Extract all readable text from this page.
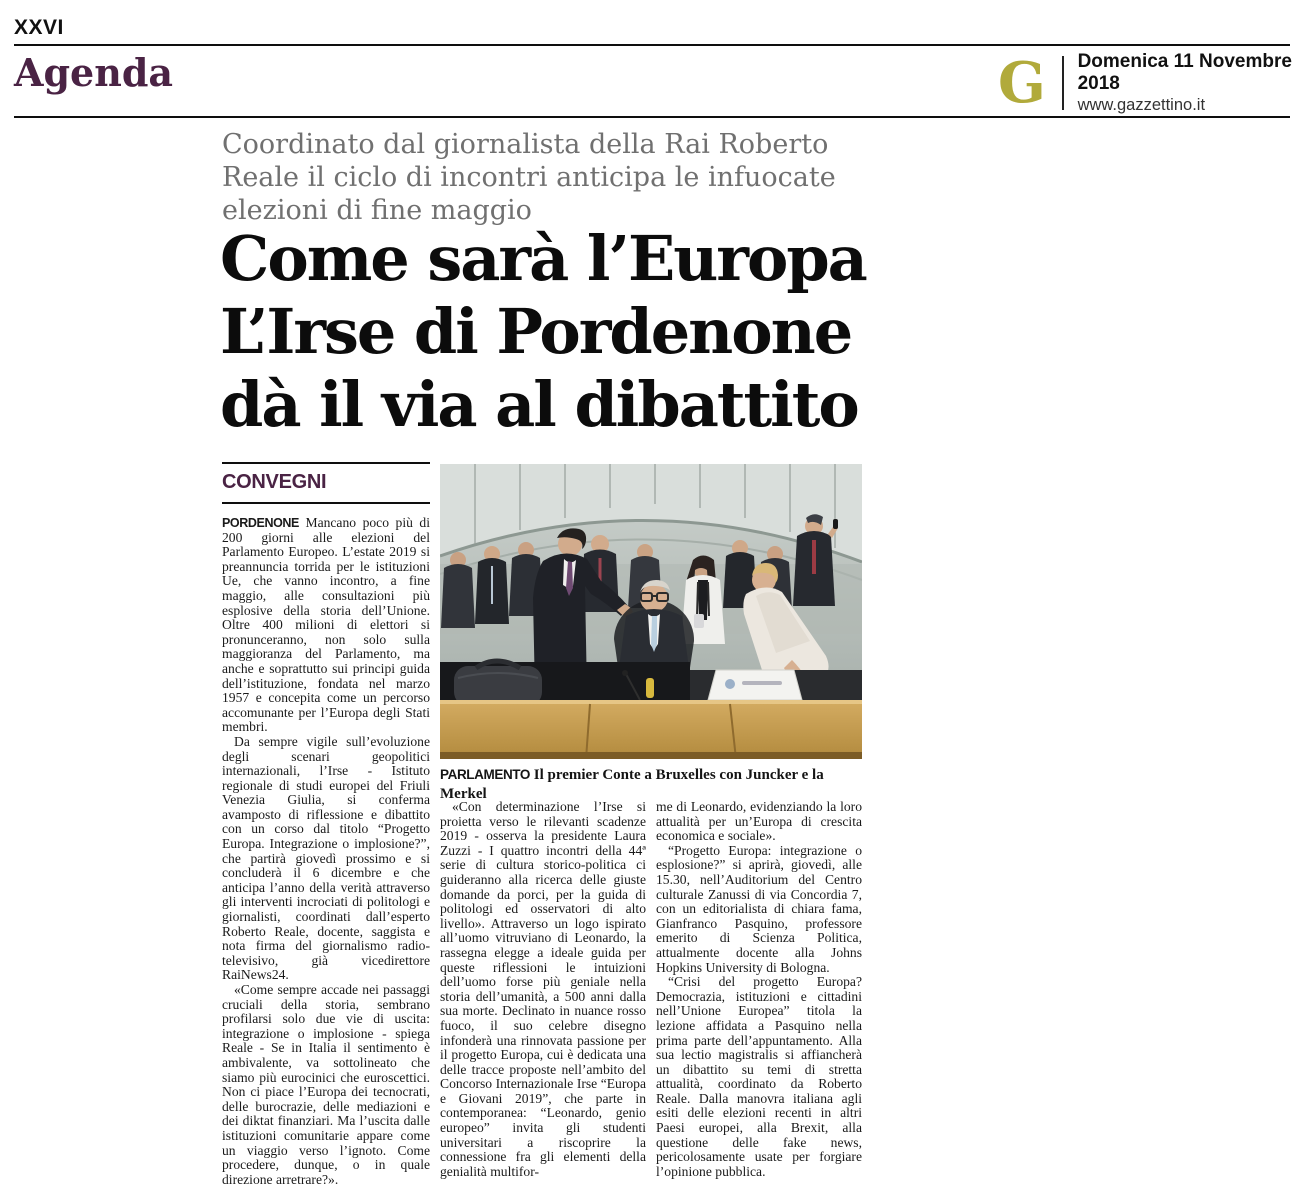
XXVI
Agenda	G	Domenica 11 Novembre 2018
www.gazzettino.it
Coordinato dal giornalista della Rai Roberto Reale il ciclo di incontri anticipa le infuocate elezioni di fine maggio
Come sarà l’Europa
L’Irse di Pordenone
dà il via al dibattito
CONVEGNI

PORDENONE Mancano poco più di 200 giorni alle elezioni del Parlamento Europeo. L’estate 2019 si preannuncia torrida per le istituzioni Ue, che vanno incontro, a fine maggio, alle consultazioni più esplosive della storia dell’Unione. Oltre 400 milioni di elettori si pronunceranno, non solo sulla maggioranza del Parlamento, ma anche e soprattutto sui principi guida dell’istituzione, fondata nel marzo 1957 e concepita come un percorso accomunante per l’Europa degli Stati membri.

Da sempre vigile sull’evoluzione degli scenari geopolitici internazionali, l’Irse - Istituto regionale di studi europei del Friuli Venezia Giulia, si conferma avamposto di riflessione e dibattito con un corso dal titolo “Progetto Europa. Integrazione o implosione?”, che partirà giovedì prossimo e si concluderà il 6 dicembre e che anticipa l’anno della verità attraverso gli interventi incrociati di politologi e giornalisti, coordinati dall’esperto Roberto Reale, docente, saggista e nota firma del giornalismo radio-televisivo, già vicedirettore RaiNews24.

«Come sempre accade nei passaggi cruciali della storia, sembrano profilarsi solo due vie di uscita: integrazione o implosione - spiega Reale - Se in Italia il sentimento è ambivalente, va sottolineato che siamo più eurocinici che euroscettici. Non ci piace l’Europa dei tecnocrati, delle burocrazie, delle mediazioni e dei diktat finanziari. Ma l’uscita dalle istituzioni comunitarie appare come un viaggio verso l’ignoto. Come procedere, dunque, o in quale direzione arretrare?».

PARLAMENTO Il premier Conte a Bruxelles con Juncker e la Merkel

«Con determinazione l’Irse si proietta verso le rilevanti scadenze 2019 - osserva la presidente Laura Zuzzi - I quattro incontri della 44ª serie di cultura storico-politica ci guideranno alla ricerca delle giuste domande da porci, per la guida di politologi ed osservatori di alto livello». Attraverso un logo ispirato all’uomo vitruviano di Leonardo, la rassegna elegge a ideale guida per queste riflessioni le intuizioni dell’uomo forse più geniale nella storia dell’umanità, a 500 anni dalla sua morte. Declinato in nuance rosso fuoco, il suo celebre disegno infonderà una rinnovata passione per il progetto Europa, cui è dedicata una delle tracce proposte nell’ambito del Concorso Internazionale Irse “Europa e Giovani 2019”, che parte in contemporanea: “Leonardo, genio europeo” invita gli studenti universitari a riscoprire la connessione fra gli elementi della genialità multifor-

me di Leonardo, evidenziando la loro attualità per un’Europa di crescita economica e sociale».

“Progetto Europa: integrazione o esplosione?” si aprirà, giovedì, alle 15.30, nell’Auditorium del Centro culturale Zanussi di via Concordia 7, con un editorialista di chiara fama, Gianfranco Pasquino, professore emerito di Scienza Politica, attualmente docente alla Johns Hopkins University di Bologna.

“Crisi del progetto Europa? Democrazia, istituzioni e cittadini nell’Unione Europea” titola la lezione affidata a Pasquino nella prima parte dell’appuntamento. Alla sua lectio magistralis si affiancherà un dibattito su temi di stretta attualità, coordinato da Roberto Reale. Dalla manovra italiana agli esiti delle elezioni recenti in altri Paesi europei, alla Brexit, alla questione delle fake news, pericolosamente usate per forgiare l’opinione pubblica.
